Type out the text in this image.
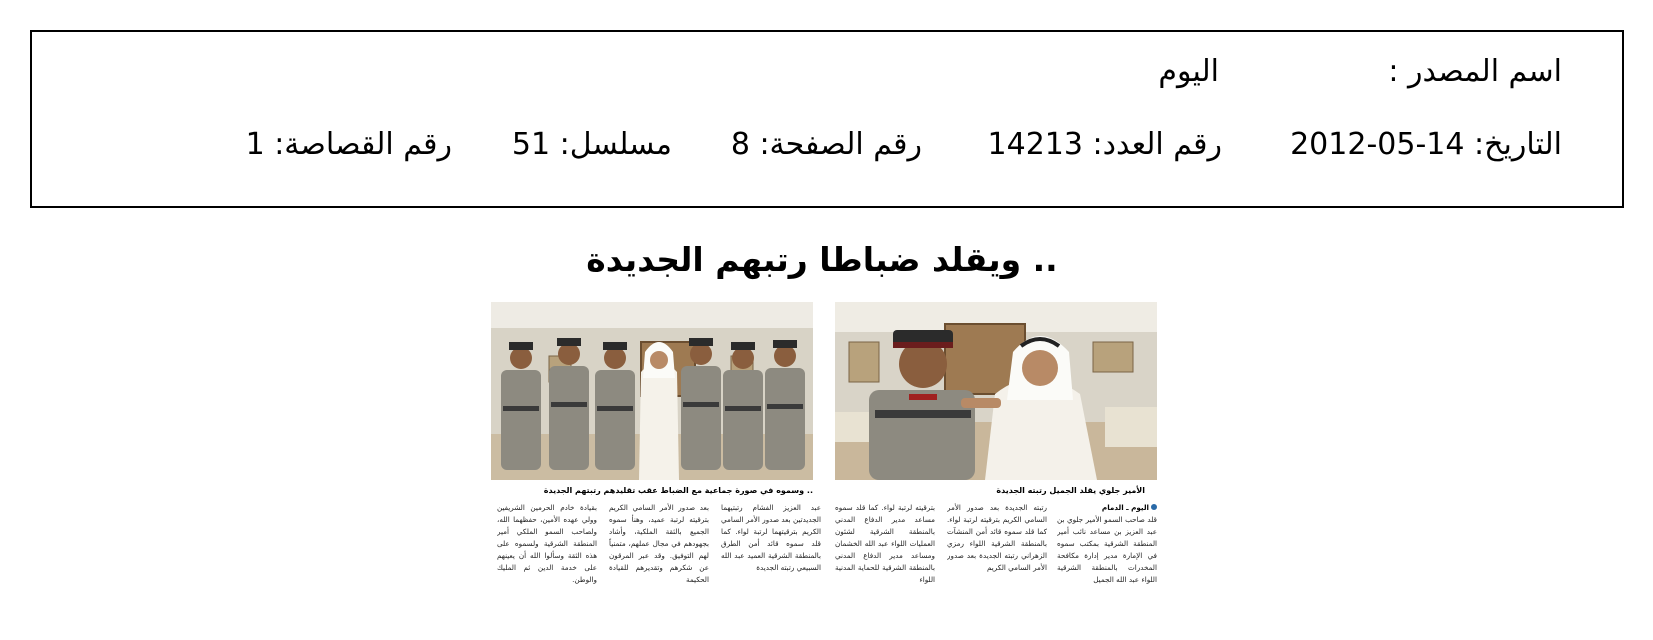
اسم المصدر :
اليوم
التاريخ: 14-05-2012
رقم العدد: 14213
رقم الصفحة: 8
مسلسل: 51
رقم القصاصة: 1
.. ويقلد ضباطا رتبهم الجديدة
الأمير جلوي يقلد الجميل رتبته الجديدة
.. وسموه في صورة جماعية مع الضباط عقب تقليدهم رتبتهم الجديدة
اليوم ـ الدمام
قلد صاحب السمو الأمير جلوي بن عبد العزيز بن مساعد نائب أمير المنطقة الشرقية بمكتب سموه في الإمارة مدير إدارة مكافحة المخدرات بالمنطقة الشرقية اللواء عبد الله الجميل
رتبته الجديدة بعد صدور الأمر السامي الكريم بترقيته لرتبة لواء. كما قلد سموه قائد أمن المنشآت بالمنطقة الشرقية اللواء رمزي الزهراني رتبته الجديدة بعد صدور الأمر السامي الكريم
بترقيته لرتبة لواء. كما قلد سموه مساعد مدير الدفاع المدني بالمنطقة الشرقية لشئون العمليات اللواء عبد الله الخشمان ومساعد مدير الدفاع المدني بالمنطقة الشرقية للحماية المدنية اللواء
عبد العزيز الفشام رتبتيهما الجديدتين بعد صدور الأمر السامي الكريم بترقيتهما لرتبة لواء. كما قلد سموه قائد أمن الطرق بالمنطقة الشرقية العميد عبد الله السبيعي رتبته الجديدة
بعد صدور الأمر السامي الكريم بترقيته لرتبة عميد، وهنأ سموه الجميع بالثقة الملكية، وأشاد بجهودهم في مجال عملهم، متمنياً لهم التوفيق. وقد عبر المرقون عن شكرهم وتقديرهم للقيادة الحكيمة
بقيادة خادم الحرمين الشريفين وولي عهده الأمين، حفظهما الله، ولصاحب السمو الملكي أمير المنطقة الشرقية ولسموه على هذه الثقة وسألوا الله أن يعينهم على خدمة الدين ثم المليك والوطن.
